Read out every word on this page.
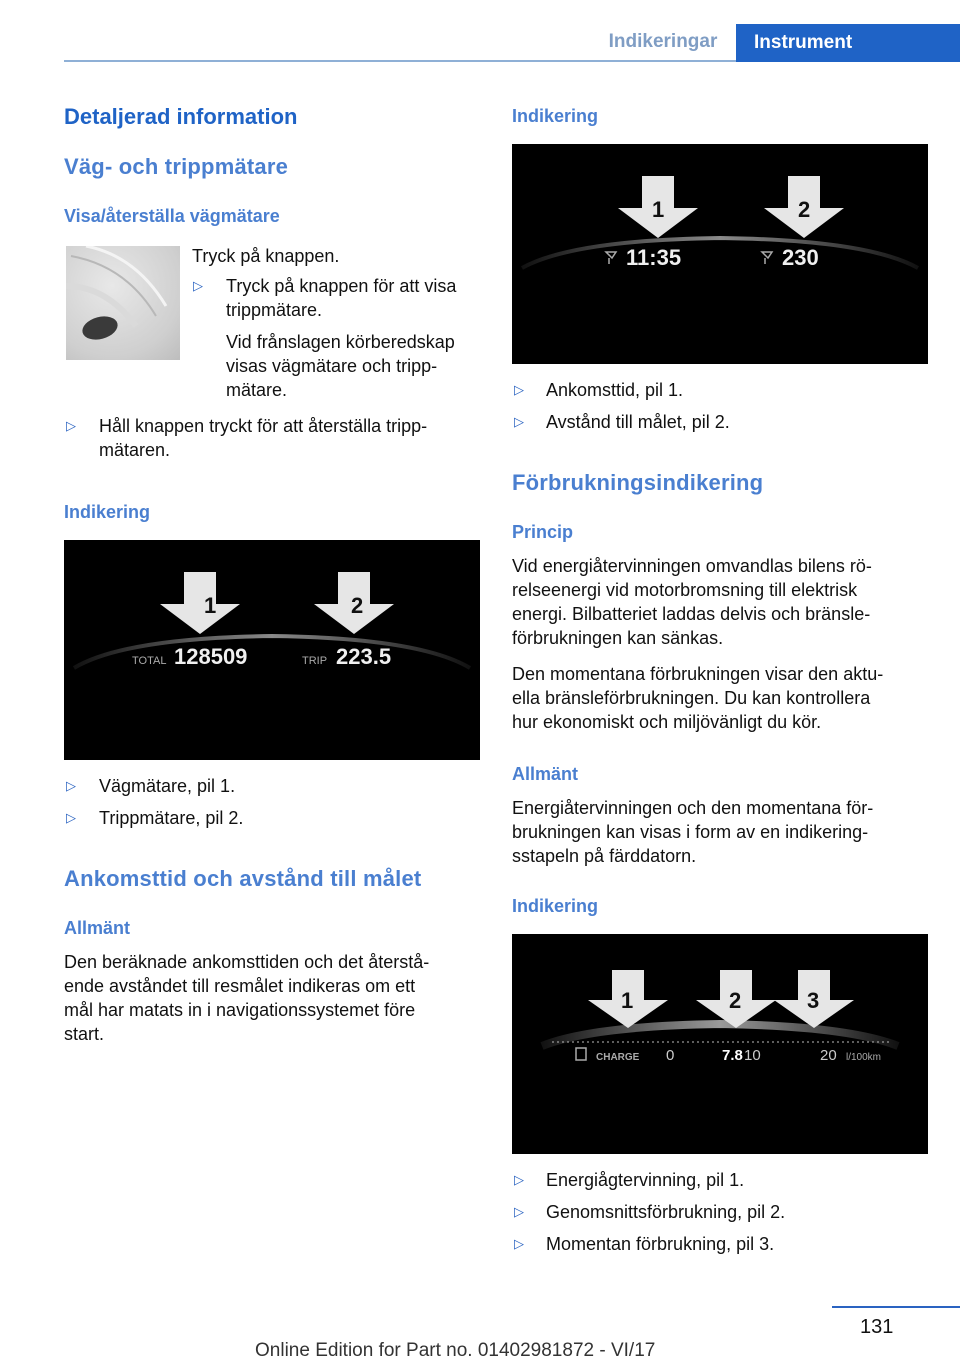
Indikeringar	Instrument
Detaljerad information
Väg- och trippmätare
Visa/återställa vägmätare
Tryck på knappen.
▷ Tryck på knappen för att visa
trippmätare.
Vid frånslagen körberedskap
visas vägmätare och tripp-
mätare.
▷ Håll knappen tryckt för att återställa tripp-
mätaren.
Indikering
1	2
TOTAL 128509	TRIP 223.5
▷ Vägmätare, pil 1.
▷ Trippmätare, pil 2.
Ankomsttid och avstånd till målet
Allmänt
Den beräknade ankomsttiden och det återstå-
ende avståndet till resmålet indikeras om ett
mål har matats in i navigationssystemet före
start.
Indikering
1	2
11:35	230
▷ Ankomsttid, pil 1.
▷ Avstånd till målet, pil 2.
Förbrukningsindikering
Princip
Vid energiåtervinningen omvandlas bilens rö-
relseenergi vid motorbromsning till elektrisk
energi. Bilbatteriet laddas delvis och bränsle-
förbrukningen kan sänkas.
Den momentana förbrukningen visar den aktu-
ella bränsleförbrukningen. Du kan kontrollera
hur ekonomiskt och miljövänligt du kör.
Allmänt
Energiåtervinningen och den momentana för-
brukningen kan visas i form av en indikering-
sstapeln på färddatorn.
Indikering
1	2	3
CHARGE 0	7.8 10	20 l/100km
▷ Energiågtervinning, pil 1.
▷ Genomsnittsförbrukning, pil 2.
▷ Momentan förbrukning, pil 3.
131
Online Edition for Part no. 01402981872 - VI/17
